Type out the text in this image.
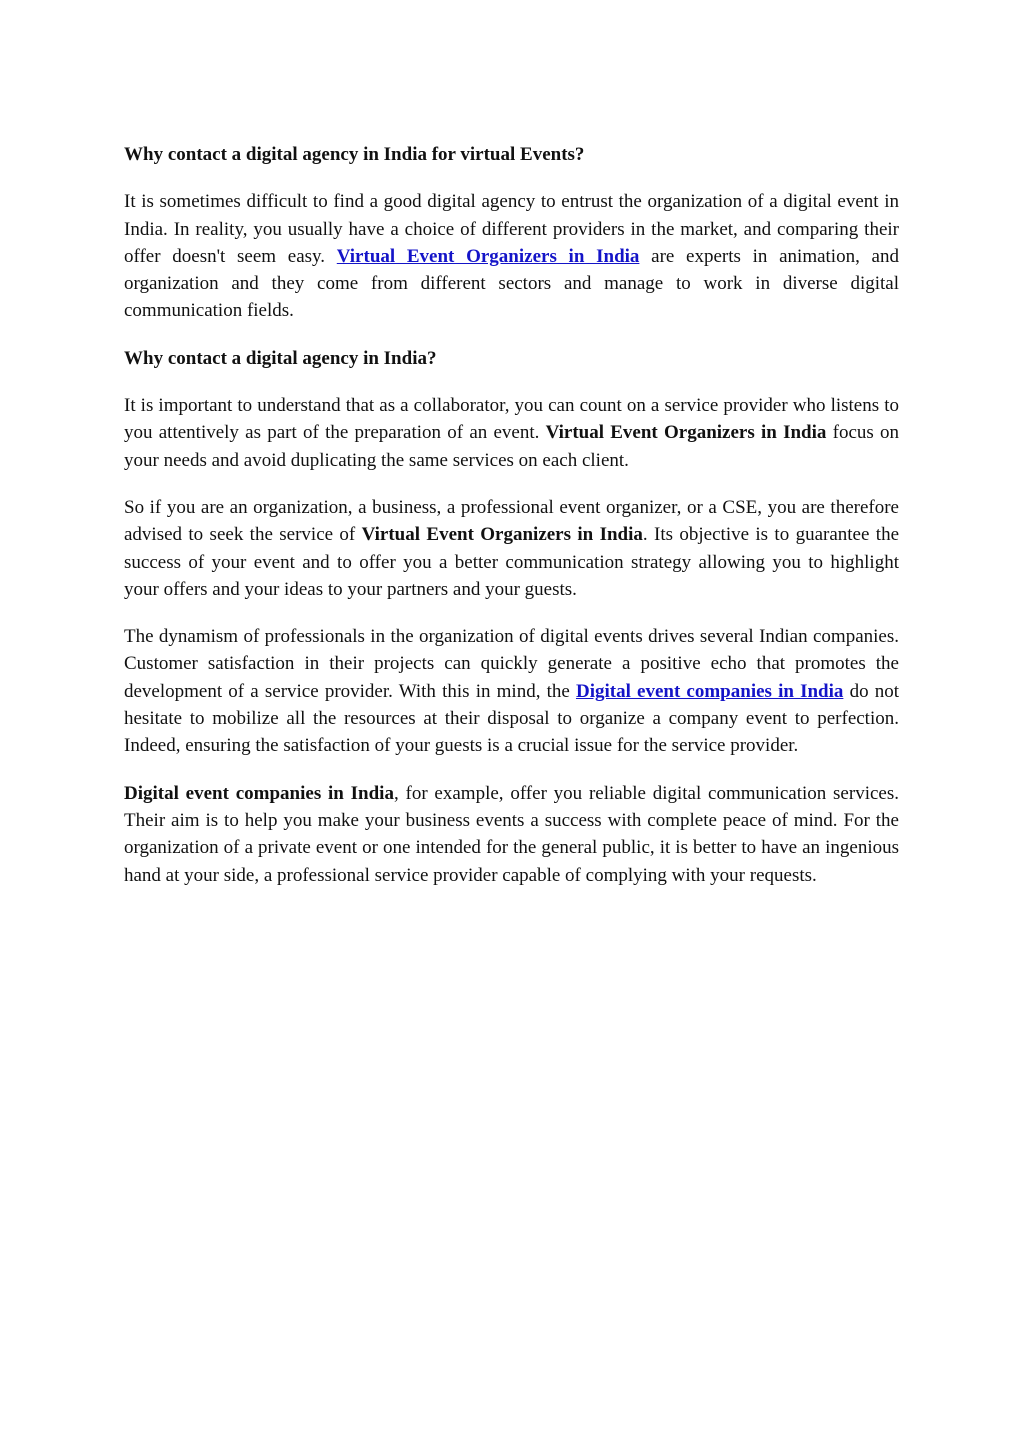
Why contact a digital agency in India for virtual Events?

It is sometimes difficult to find a good digital agency to entrust the organization of a digital event in India. In reality, you usually have a choice of different providers in the market, and comparing their offer doesn't seem easy. Virtual Event Organizers in India are experts in animation, and organization and they come from different sectors and manage to work in diverse digital communication fields.

Why contact a digital agency in India?

It is important to understand that as a collaborator, you can count on a service provider who listens to you attentively as part of the preparation of an event. Virtual Event Organizers in India focus on your needs and avoid duplicating the same services on each client.

So if you are an organization, a business, a professional event organizer, or a CSE, you are therefore advised to seek the service of Virtual Event Organizers in India. Its objective is to guarantee the success of your event and to offer you a better communication strategy allowing you to highlight your offers and your ideas to your partners and your guests.

The dynamism of professionals in the organization of digital events drives several Indian companies. Customer satisfaction in their projects can quickly generate a positive echo that promotes the development of a service provider. With this in mind, the Digital event companies in India do not hesitate to mobilize all the resources at their disposal to organize a company event to perfection. Indeed, ensuring the satisfaction of your guests is a crucial issue for the service provider.

Digital event companies in India, for example, offer you reliable digital communication services. Their aim is to help you make your business events a success with complete peace of mind. For the organization of a private event or one intended for the general public, it is better to have an ingenious hand at your side, a professional service provider capable of complying with your requests.
